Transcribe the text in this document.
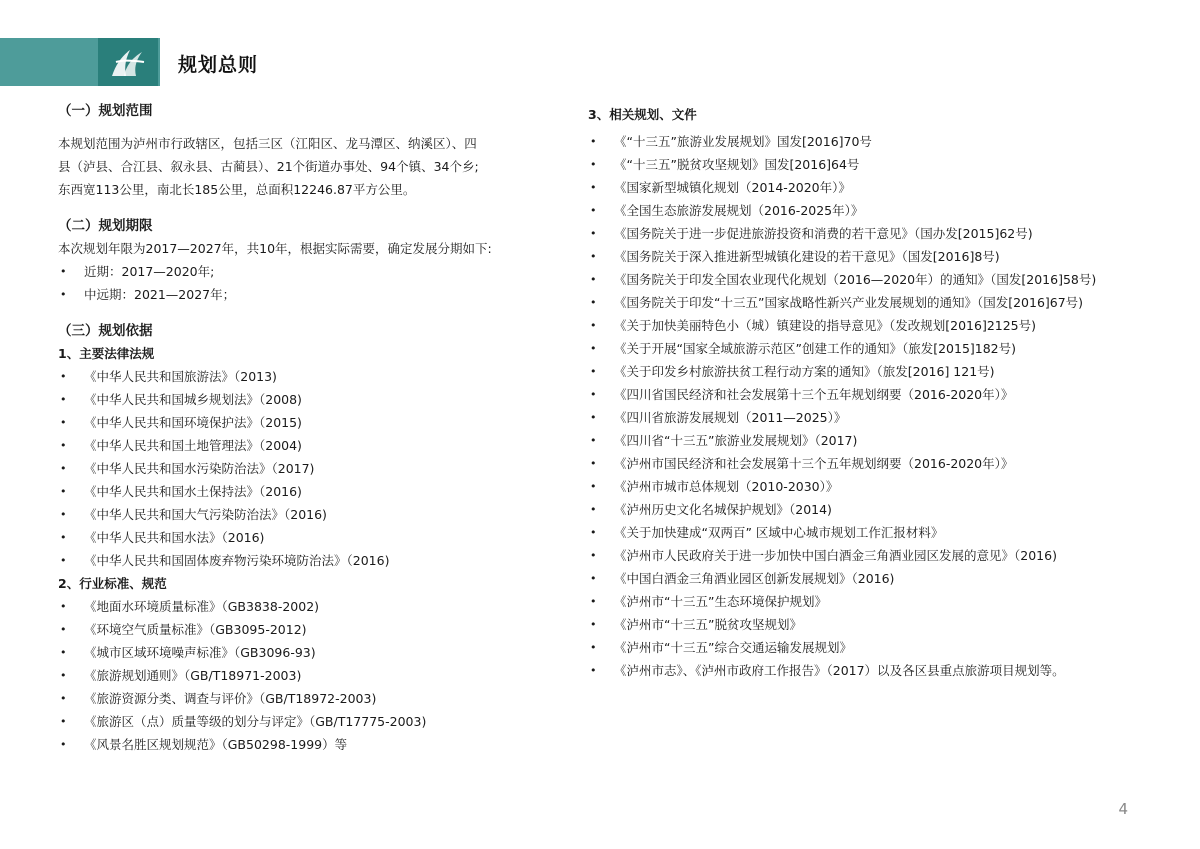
规划总则

（一）规划范围

本规划范围为泸州市行政辖区，包括三区（江阳区、龙马潭区、纳溪区）、四

县（泸县、合江县、叙永县、古蔺县）、21个街道办事处、94个镇、34个乡;

东西宽113公里，南北长185公里，总面积12246.87平方公里。

（二）规划期限

本次规划年限为2017—2027年，共10年，根据实际需要，确定发展分期如下:

• 近期：2017—2020年;
• 中远期：2021—2027年；

（三）规划依据

1、主要法律法规

• 《中华人民共和国旅游法》（2013)
• 《中华人民共和国城乡规划法》（2008)
• 《中华人民共和国环境保护法》（2015)
• 《中华人民共和国土地管理法》（2004)
• 《中华人民共和国水污染防治法》（2017)
• 《中华人民共和国水土保持法》（2016)
• 《中华人民共和国大气污染防治法》（2016)
• 《中华人民共和国水法》（2016)
• 《中华人民共和国固体废弃物污染环境防治法》（2016)

2、行业标准、规范

• 《地面水环境质量标准》（GB3838-2002)
• 《环境空气质量标准》（GB3095-2012)
• 《城市区域环境噪声标准》（GB3096-93)
• 《旅游规划通则》（GB/T18971-2003)
• 《旅游资源分类、调查与评价》（GB/T18972-2003)
• 《旅游区（点）质量等级的划分与评定》（GB/T17775-2003)
• 《风景名胜区规划规范》（GB50298-1999）等

3、相关规划、文件

• 《“十三五”旅游业发展规划》国发[2016]70号
• 《“十三五”脱贫攻坚规划》国发[2016]64号
• 《国家新型城镇化规划（2014-2020年）》
• 《全国生态旅游发展规划（2016-2025年）》
• 《国务院关于进一步促进旅游投资和消费的若干意见》（国办发[2015]62号)
• 《国务院关于深入推进新型城镇化建设的若干意见》（国发[2016]8号)
• 《国务院关于印发全国农业现代化规划（2016—2020年）的通知》（国发[2016]58号)
• 《国务院关于印发“十三五”国家战略性新兴产业发展规划的通知》（国发[2016]67号)
• 《关于加快美丽特色小（城）镇建设的指导意见》（发改规划[2016]2125号)
• 《关于开展“国家全域旅游示范区”创建工作的通知》（旅发[2015]182号)
• 《关于印发乡村旅游扶贫工程行动方案的通知》（旅发[2016] 121号)
• 《四川省国民经济和社会发展第十三个五年规划纲要（2016-2020年）》
• 《四川省旅游发展规划（2011—2025）》
• 《四川省“十三五”旅游业发展规划》（2017)
• 《泸州市国民经济和社会发展第十三个五年规划纲要（2016-2020年）》
• 《泸州市城市总体规划（2010-2030）》
• 《泸州历史文化名城保护规划》（2014)
• 《关于加快建成“双两百” 区域中心城市规划工作汇报材料》
• 《泸州市人民政府关于进一步加快中国白酒金三角酒业园区发展的意见》（2016)
• 《中国白酒金三角酒业园区创新发展规划》（2016)
• 《泸州市“十三五”生态环境保护规划》
• 《泸州市“十三五”脱贫攻坚规划》
• 《泸州市“十三五”综合交通运输发展规划》
• 《泸州市志》、《泸州市政府工作报告》（2017）以及各区县重点旅游项目规划等。
4
